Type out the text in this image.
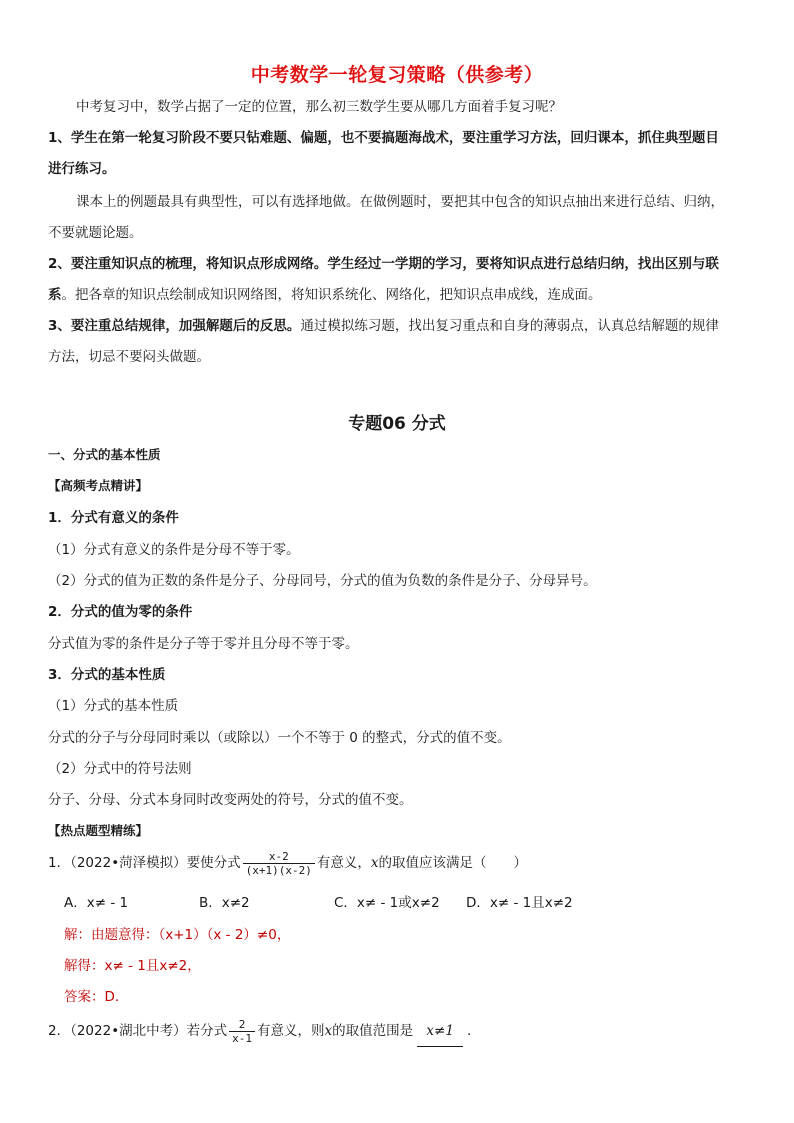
中考数学一轮复习策略（供参考）
中考复习中，数学占据了一定的位置，那么初三数学生要从哪几方面着手复习呢？
1、学生在第一轮复习阶段不要只钻难题、偏题，也不要搞题海战术，要注重学习方法，回归课本，抓住典型题目
进行练习。
课本上的例题最具有典型性，可以有选择地做。在做例题时，要把其中包含的知识点抽出来进行总结、归纳，
不要就题论题。
2、要注重知识点的梳理，将知识点形成网络。学生经过一学期的学习，要将知识点进行总结归纳，找出区别与联
系。把各章的知识点绘制成知识网络图，将知识系统化、网络化，把知识点串成线，连成面。
3、要注重总结规律，加强解题后的反思。通过模拟练习题，找出复习重点和自身的薄弱点，认真总结解题的规律
方法，切忌不要闷头做题。
专题06 分式
一、分式的基本性质
【高频考点精讲】
1．分式有意义的条件
（1）分式有意义的条件是分母不等于零。
（2）分式的值为正数的条件是分子、分母同号，分式的值为负数的条件是分子、分母异号。
2．分式的值为零的条件
分式值为零的条件是分子等于零并且分母不等于零。
3．分式的基本性质
（1）分式的基本性质
分式的分子与分母同时乘以（或除以）一个不等于 0 的整式，分式的值不变。
（2）分式中的符号法则
分子、分母、分式本身同时改变两处的符号，分式的值不变。
【热点题型精练】
1．（2022•菏泽模拟）要使分式 $\frac{x-2}{(x+1)(x-2)}$ 有意义，x的取值应该满足（　　）
A．x≠ - 1	B．x≠2	C．x≠ - 1或x≠2 D．x≠ - 1且x≠2
解：由题意得：（x+1）（x - 2）≠0，
解得：x≠ - 1且x≠2，
答案：D．
2．（2022•湖北中考）若分式 $\frac{2}{x-1}$ 有意义，则x的取值范围是 x≠1 ．
